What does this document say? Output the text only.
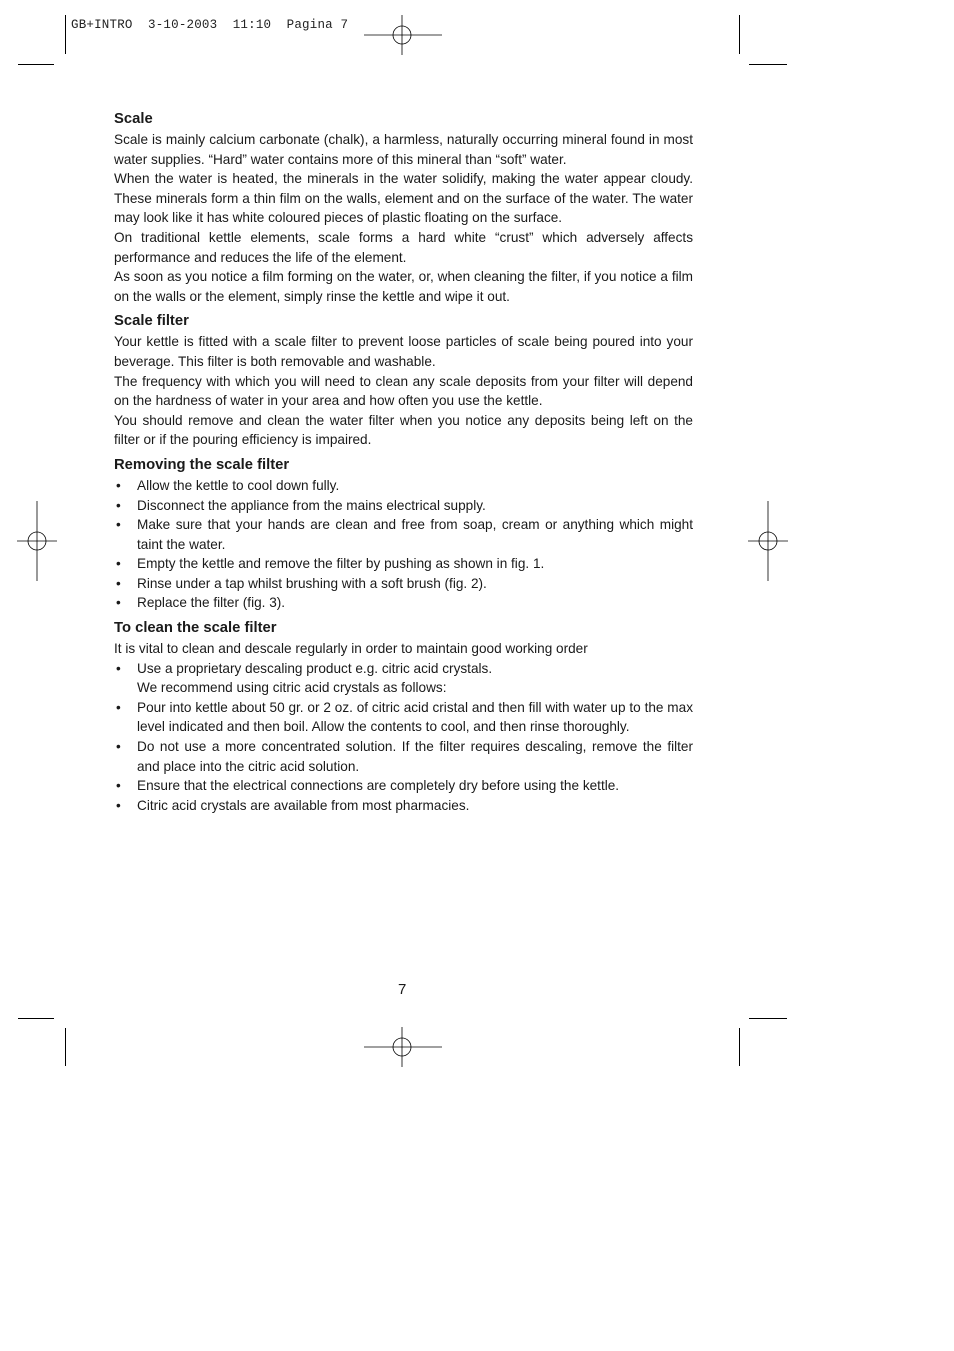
GB+INTRO  3-10-2003  11:10  Pagina 7
Scale

Scale is mainly calcium carbonate (chalk), a harmless, naturally occurring mineral found in most water supplies. “Hard” water contains more of this mineral than “soft” water.

When the water is heated, the minerals in the water solidify, making the water appear cloudy. These minerals form a thin film on the walls, element and on the surface of the water. The water may look like it has white coloured pieces of plastic floating on the surface.

On traditional kettle elements, scale forms a hard white “crust” which adversely affects performance and reduces the life of the element.

As soon as you notice a film forming on the water, or, when cleaning the filter, if you notice a film on the walls or the element, simply rinse the kettle and wipe it out.

Scale filter

Your kettle is fitted with a scale filter to prevent loose particles of scale being poured into your beverage. This filter is both removable and washable.

The frequency with which you will need to clean any scale deposits from your filter will depend on the hardness of water in your area and how often you use the kettle.

You should remove and clean the water filter when you notice any deposits being left on the filter or if the pouring efficiency is impaired.

Removing the scale filter
• Allow the kettle to cool down fully.
• Disconnect the appliance from the mains electrical supply.
• Make sure that your hands are clean and free from soap, cream or anything which might taint the water.
• Empty the kettle and remove the filter by pushing as shown in fig. 1.
• Rinse under a tap whilst brushing with a soft brush (fig. 2).
• Replace the filter (fig. 3).
To clean the scale filter

It is vital to clean and descale regularly in order to maintain good working order

• Use a proprietary descaling product e.g. citric acid crystals.
We recommend using citric acid crystals as follows:
• Pour into kettle about 50 gr. or 2 oz. of citric acid cristal and then fill with water up to the max level indicated and then boil. Allow the contents to cool, and then rinse thoroughly.
• Do not use a more concentrated solution. If the filter requires descaling, remove the filter and place into the citric acid solution.
• Ensure that the electrical connections are completely dry before using the kettle.
• Citric acid crystals are available from most pharmacies.
7
